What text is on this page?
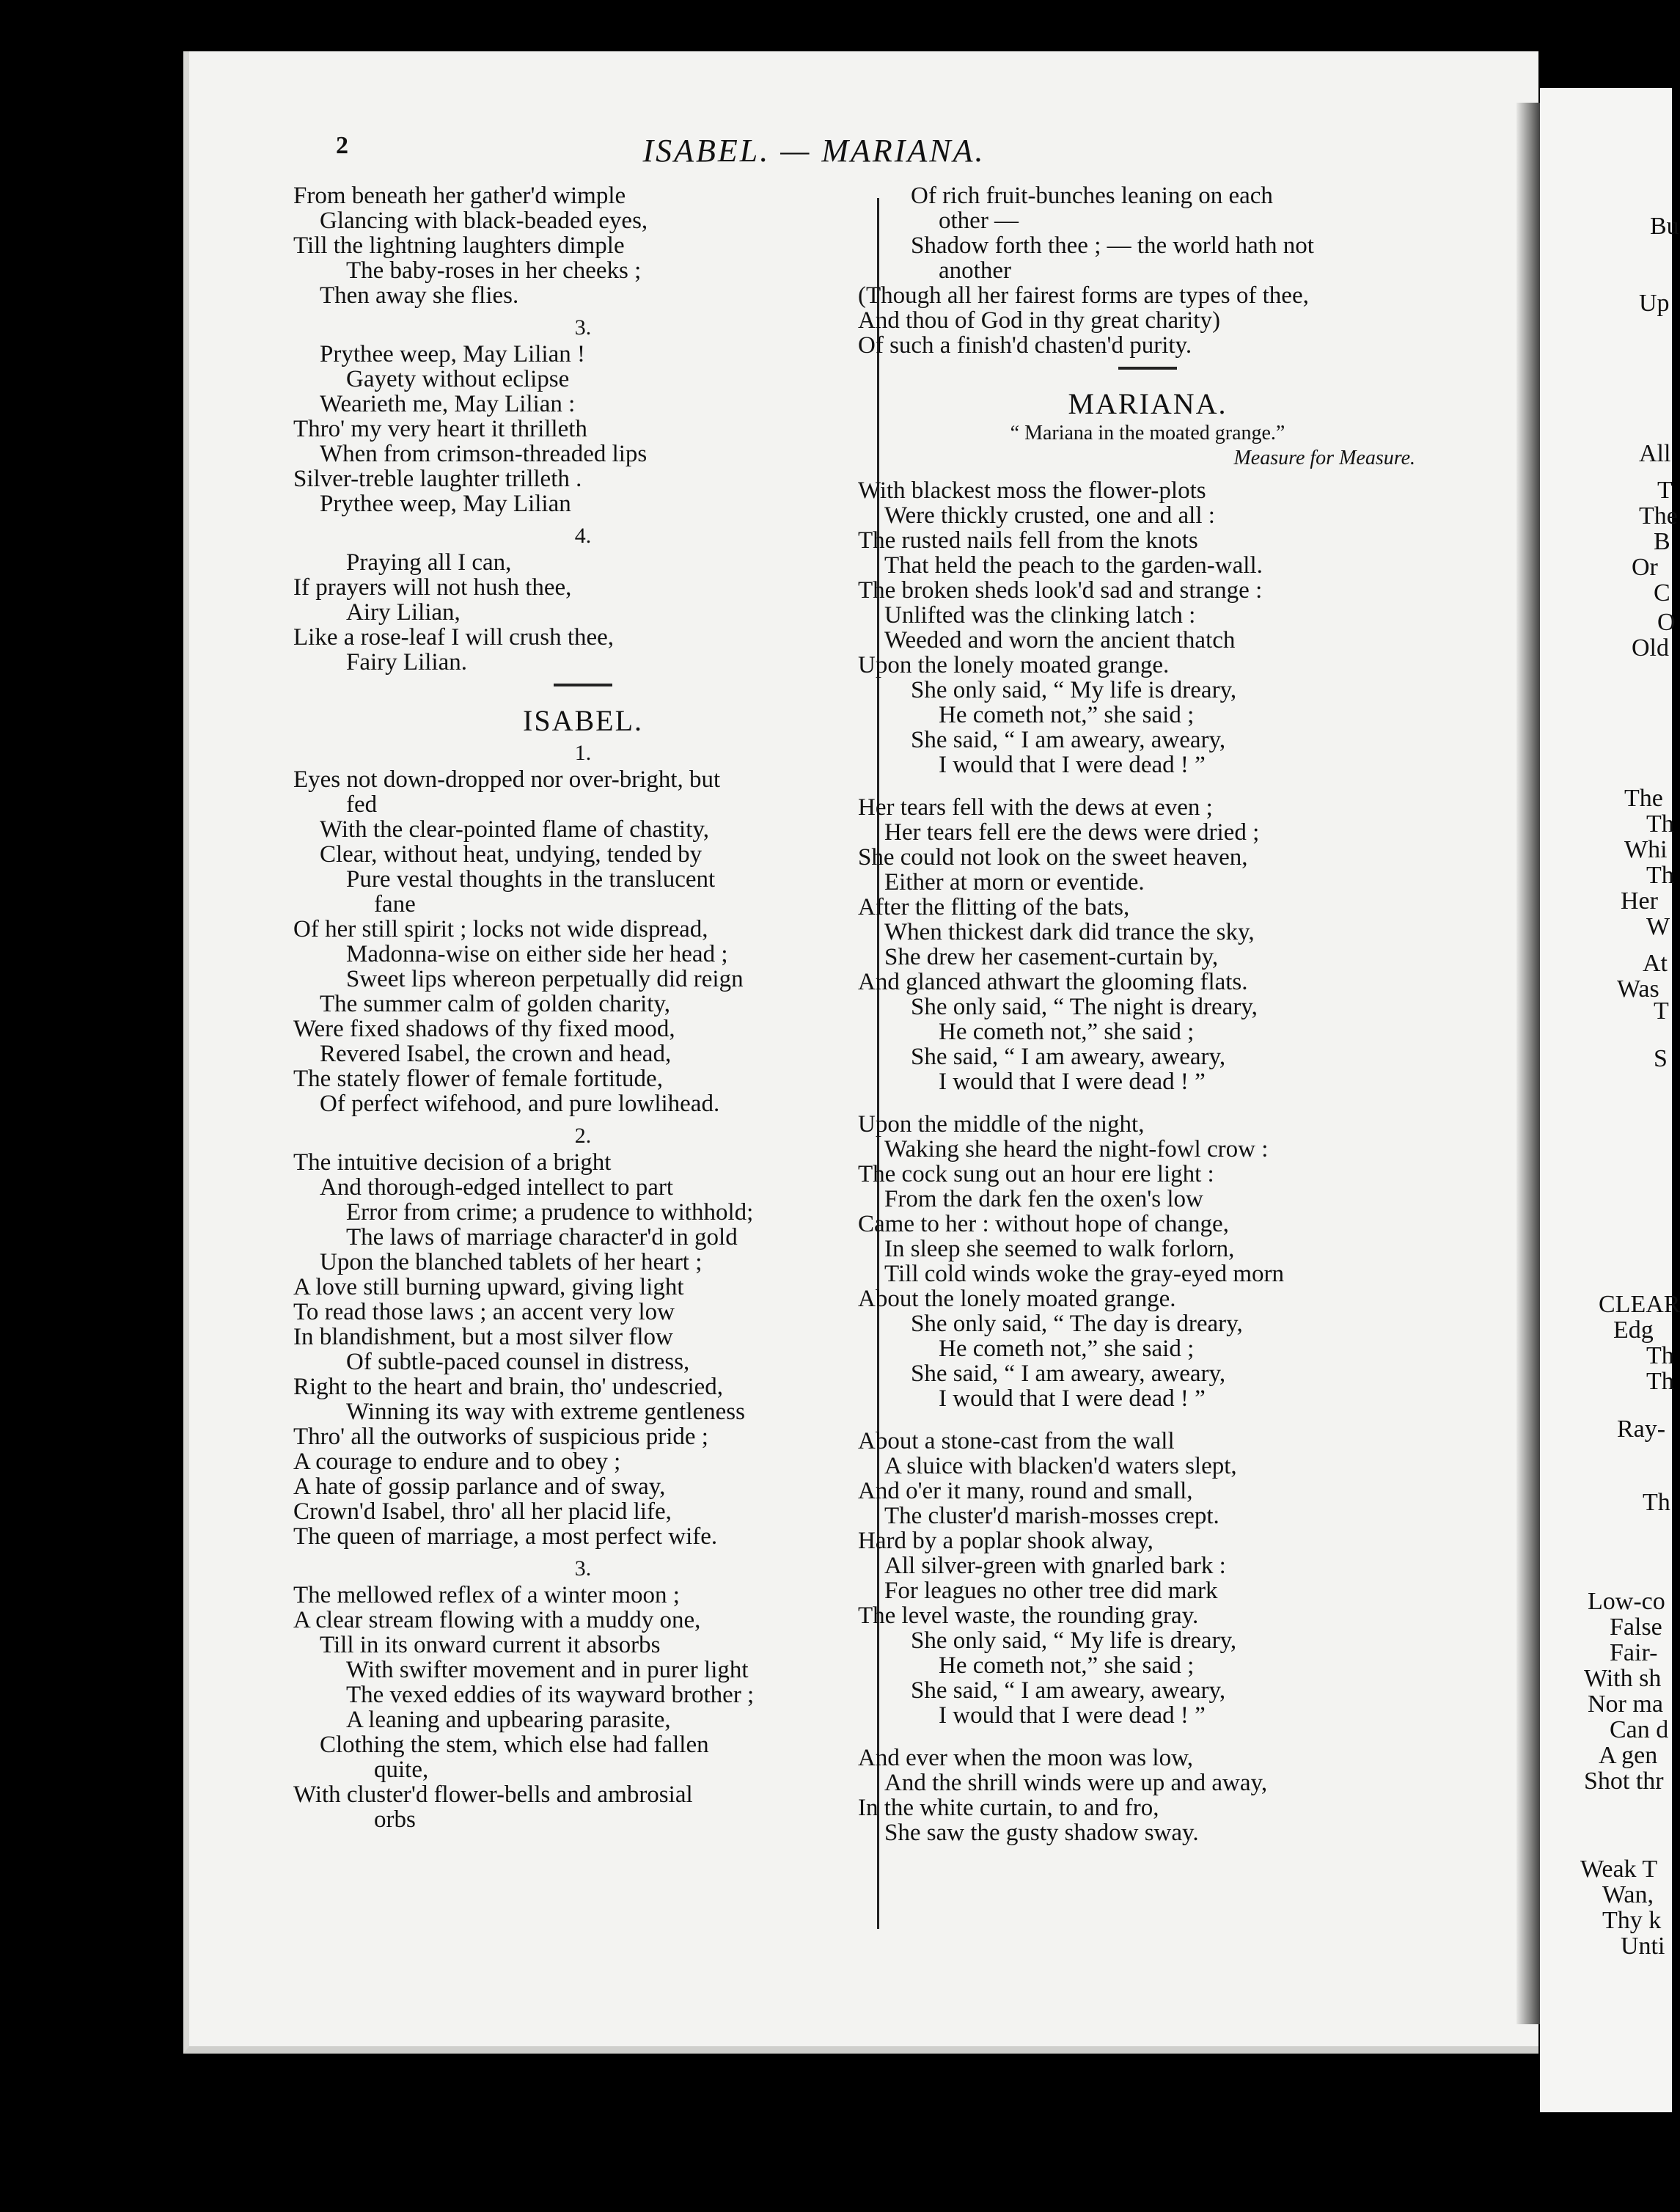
2	ISABEL. — MARIANA.
From beneath her gather'd wimple
Glancing with black-beaded eyes,
Till the lightning laughters dimple
The baby-roses in her cheeks ;
Then away she flies.
3.
Prythee weep, May Lilian !
Gayety without eclipse
Wearieth me, May Lilian :
Thro' my very heart it thrilleth
When from crimson-threaded lips
Silver-treble laughter trilleth .
Prythee weep, May Lilian
4.
Praying all I can,
If prayers will not hush thee,
Airy Lilian,
Like a rose-leaf I will crush thee,
Fairy Lilian.
ISABEL.
1.
Eyes not down-dropped nor over-bright, but
fed
With the clear-pointed flame of chastity,
Clear, without heat, undying, tended by
Pure vestal thoughts in the translucent
fane
Of her still spirit ; locks not wide dispread,
Madonna-wise on either side her head ;
Sweet lips whereon perpetually did reign
The summer calm of golden charity,
Were fixed shadows of thy fixed mood,
Revered Isabel, the crown and head,
The stately flower of female fortitude,
Of perfect wifehood, and pure lowlihead.
2.
The intuitive decision of a bright
And thorough-edged intellect to part
Error from crime; a prudence to withhold;
The laws of marriage character'd in gold
Upon the blanched tablets of her heart ;
A love still burning upward, giving light
To read those laws ; an accent very low
In blandishment, but a most silver flow
Of subtle-paced counsel in distress,
Right to the heart and brain, tho' undescried,
Winning its way with extreme gentleness
Thro' all the outworks of suspicious pride ;
A courage to endure and to obey ;
A hate of gossip parlance and of sway,
Crown'd Isabel, thro' all her placid life,
The queen of marriage, a most perfect wife.
3.
The mellowed reflex of a winter moon ;
A clear stream flowing with a muddy one,
Till in its onward current it absorbs
With swifter movement and in purer light
The vexed eddies of its wayward brother ;
A leaning and upbearing parasite,
Clothing the stem, which else had fallen
quite,
With cluster'd flower-bells and ambrosial
orbs
Of rich fruit-bunches leaning on each
other —
Shadow forth thee ; — the world hath not
another
(Though all her fairest forms are types of thee,
And thou of God in thy great charity)
Of such a finish'd chasten'd purity.
MARIANA.
“ Mariana in the moated grange.”
Measure for Measure.
With blackest moss the flower-plots
Were thickly crusted, one and all :
The rusted nails fell from the knots
That held the peach to the garden-wall.
The broken sheds look'd sad and strange :
Unlifted was the clinking latch :
Weeded and worn the ancient thatch
Upon the lonely moated grange.
She only said, “ My life is dreary,
He cometh not,” she said ;
She said, “ I am aweary, aweary,
I would that I were dead ! ”
Her tears fell with the dews at even ;
Her tears fell ere the dews were dried ;
She could not look on the sweet heaven,
Either at morn or eventide.
After the flitting of the bats,
When thickest dark did trance the sky,
She drew her casement-curtain by,
And glanced athwart the glooming flats.
She only said, “ The night is dreary,
He cometh not,” she said ;
She said, “ I am aweary, aweary,
I would that I were dead ! ”
Upon the middle of the night,
Waking she heard the night-fowl crow :
The cock sung out an hour ere light :
From the dark fen the oxen's low
Came to her : without hope of change,
In sleep she seemed to walk forlorn,
Till cold winds woke the gray-eyed morn
About the lonely moated grange.
She only said, “ The day is dreary,
He cometh not,” she said ;
She said, “ I am aweary, aweary,
I would that I were dead ! ”
About a stone-cast from the wall
A sluice with blacken'd waters slept,
And o'er it many, round and small,
The cluster'd marish-mosses crept.
Hard by a poplar shook alway,
All silver-green with gnarled bark :
For leagues no other tree did mark
The level waste, the rounding gray.
She only said, “ My life is dreary,
He cometh not,” she said ;
She said, “ I am aweary, aweary,
I would that I were dead ! ”
And ever when the moon was low,
And the shrill winds were up and away,
In the white curtain, to and fro,
She saw the gusty shadow sway.
Bu
Up
All
T
The
B
Or
C
O
Old
The
Th
Whi
Th
Her
W
At
Was
T
S
CLEAR
Edg
Th
Th
Ray-
Th
Low-co
False
Fair-
With sh
Nor ma
Can d
A gen
Shot thr
Weak T
Wan,
Thy k
Unti
